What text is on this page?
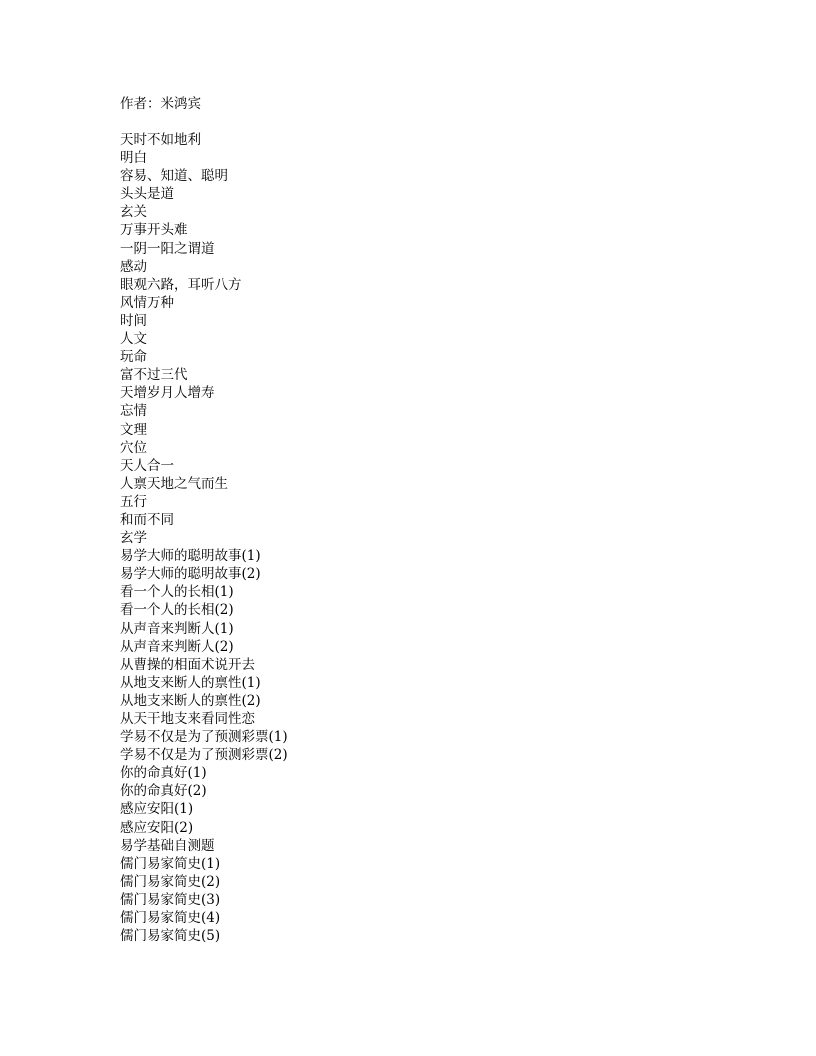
作者：米鸿宾
天时不如地利
明白
容易、知道、聪明
头头是道
玄关
万事开头难
一阴一阳之谓道
感动
眼观六路，耳听八方
风情万种
时间
人文
玩命
富不过三代
天增岁月人增寿
忘情
文理
穴位
天人合一
人禀天地之气而生
五行
和而不同
玄学
易学大师的聪明故事(1)
易学大师的聪明故事(2)
看一个人的长相(1)
看一个人的长相(2)
从声音来判断人(1)
从声音来判断人(2)
从曹操的相面术说开去
从地支来断人的禀性(1)
从地支来断人的禀性(2)
从天干地支来看同性恋
学易不仅是为了预测彩票(1)
学易不仅是为了预测彩票(2)
你的命真好(1)
你的命真好(2)
感应安阳(1)
感应安阳(2)
易学基础自测题
儒门易家简史(1)
儒门易家简史(2)
儒门易家简史(3)
儒门易家简史(4)
儒门易家简史(5)
